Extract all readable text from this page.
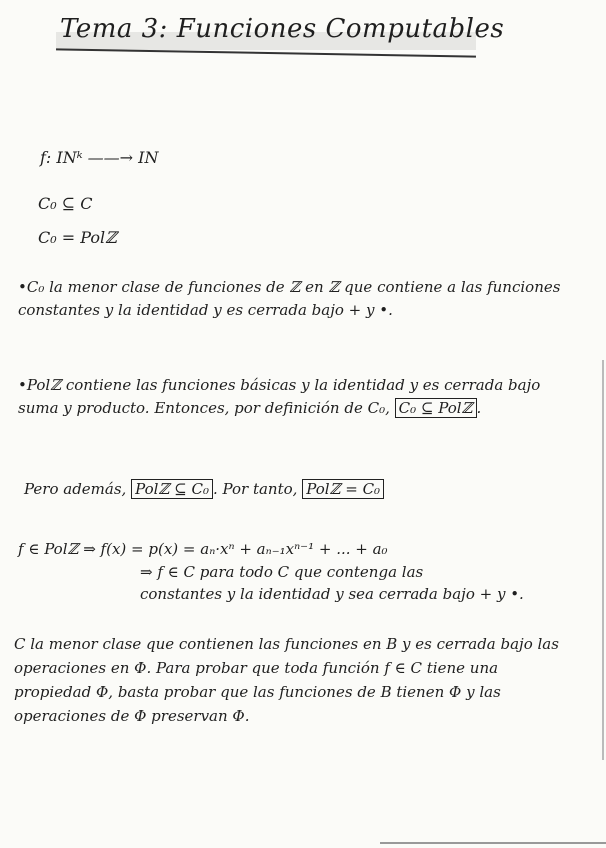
Tema 3: Funciones Computables
f: INᵏ ——→ IN
C₀ ⊆ C
C₀ = Polℤ
•C₀ la menor clase de funciones de ℤ en ℤ que contiene a las funciones constantes y la identidad y es cerrada bajo + y •.
•Polℤ contiene las funciones básicas y la identidad y es cerrada bajo suma y producto. Entonces, por definición de C₀, C₀ ⊆ Polℤ .
Pero además, Polℤ ⊆ C₀ . Por tanto, Polℤ = C₀
f ∈ Polℤ ⇒ f(x) = p(x) = aₙ·xⁿ + aₙ₋₁xⁿ⁻¹ + ... + a₀
⇒ f ∈ C para todo C que contenga las
constantes y la identidad y sea cerrada bajo + y •.
C la menor clase que contienen las funciones en B y es cerrada bajo las operaciones en Φ. Para probar que toda función f ∈ C tiene una propiedad Φ, basta probar que las funciones de B tienen Φ y las operaciones de Φ preservan Φ.
